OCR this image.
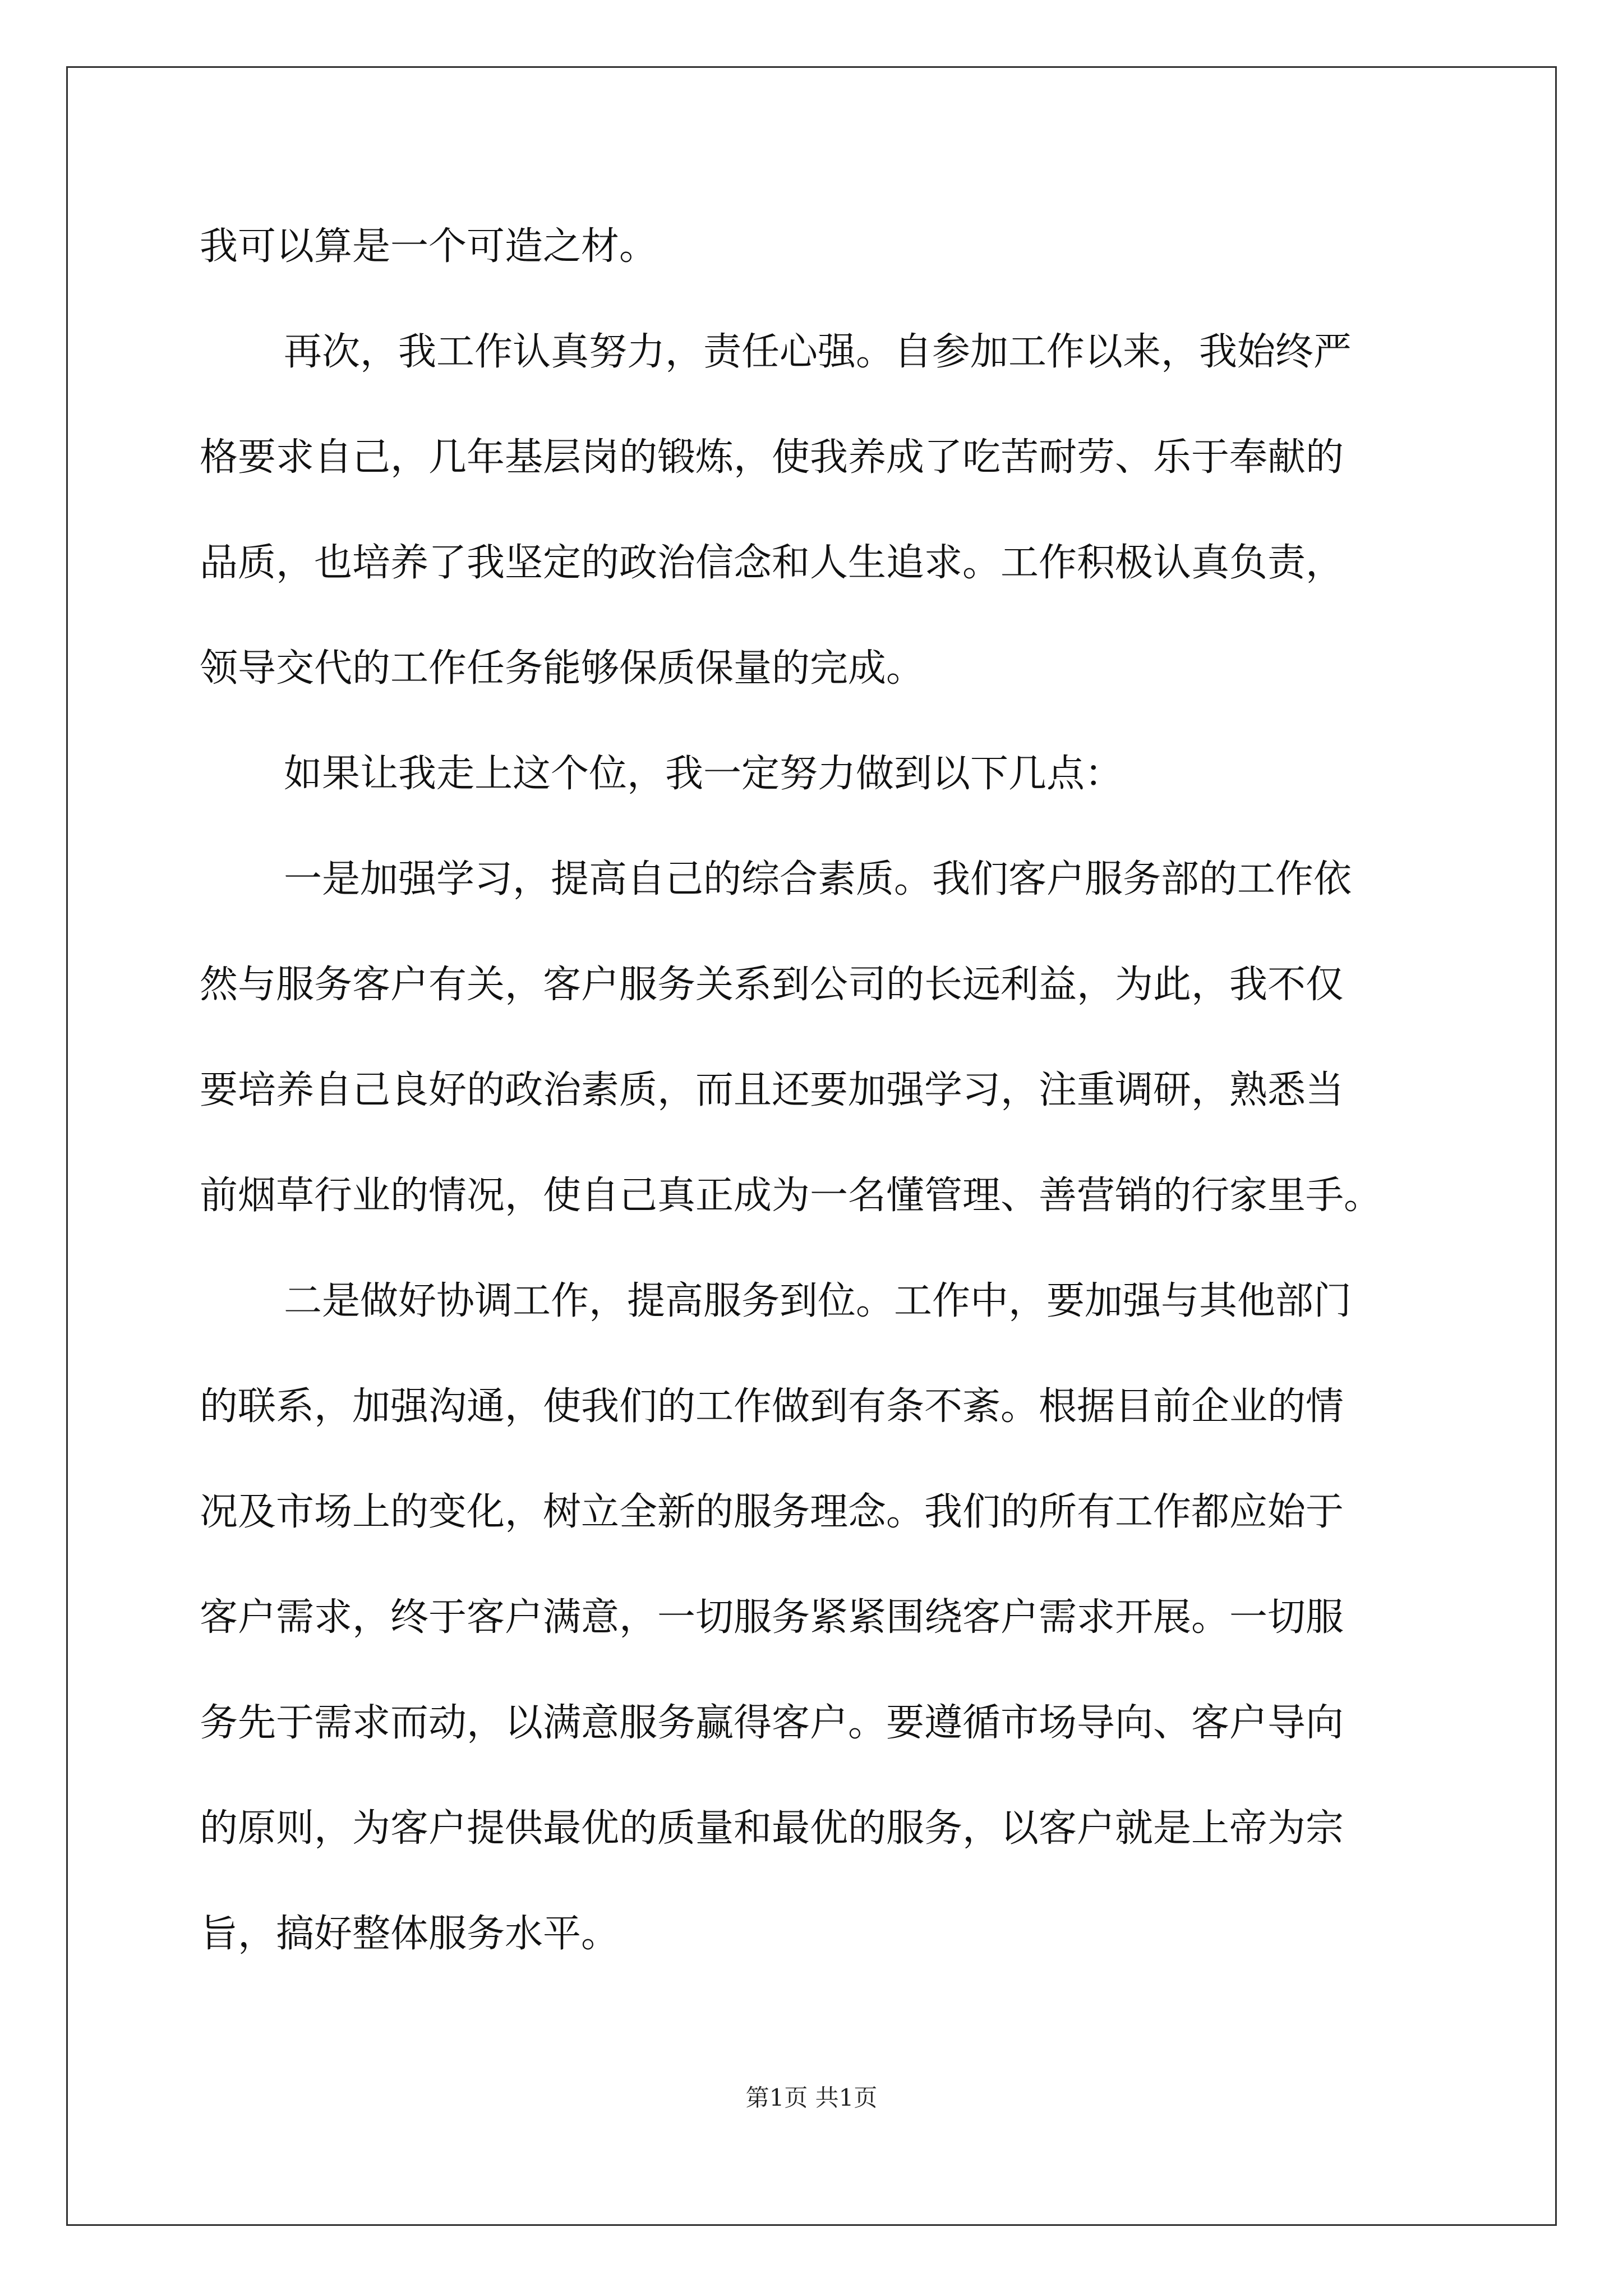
我可以算是一个可造之材。
再次，我工作认真努力，责任心强。自参加工作以来，我始终严
格要求自己，几年基层岗的锻炼，使我养成了吃苦耐劳、乐于奉献的
品质，也培养了我坚定的政治信念和人生追求。工作积极认真负责，
领导交代的工作任务能够保质保量的完成。
如果让我走上这个位，我一定努力做到以下几点：
一是加强学习，提高自己的综合素质。我们客户服务部的工作依
然与服务客户有关，客户服务关系到公司的长远利益，为此，我不仅
要培养自己良好的政治素质，而且还要加强学习，注重调研，熟悉当
前烟草行业的情况，使自己真正成为一名懂管理、善营销的行家里手。
二是做好协调工作，提高服务到位。工作中，要加强与其他部门
的联系，加强沟通，使我们的工作做到有条不紊。根据目前企业的情
况及市场上的变化，树立全新的服务理念。我们的所有工作都应始于
客户需求，终于客户满意，一切服务紧紧围绕客户需求开展。一切服
务先于需求而动，以满意服务赢得客户。要遵循市场导向、客户导向
的原则，为客户提供最优的质量和最优的服务，以客户就是上帝为宗
旨，搞好整体服务水平。
第1页 共1页
